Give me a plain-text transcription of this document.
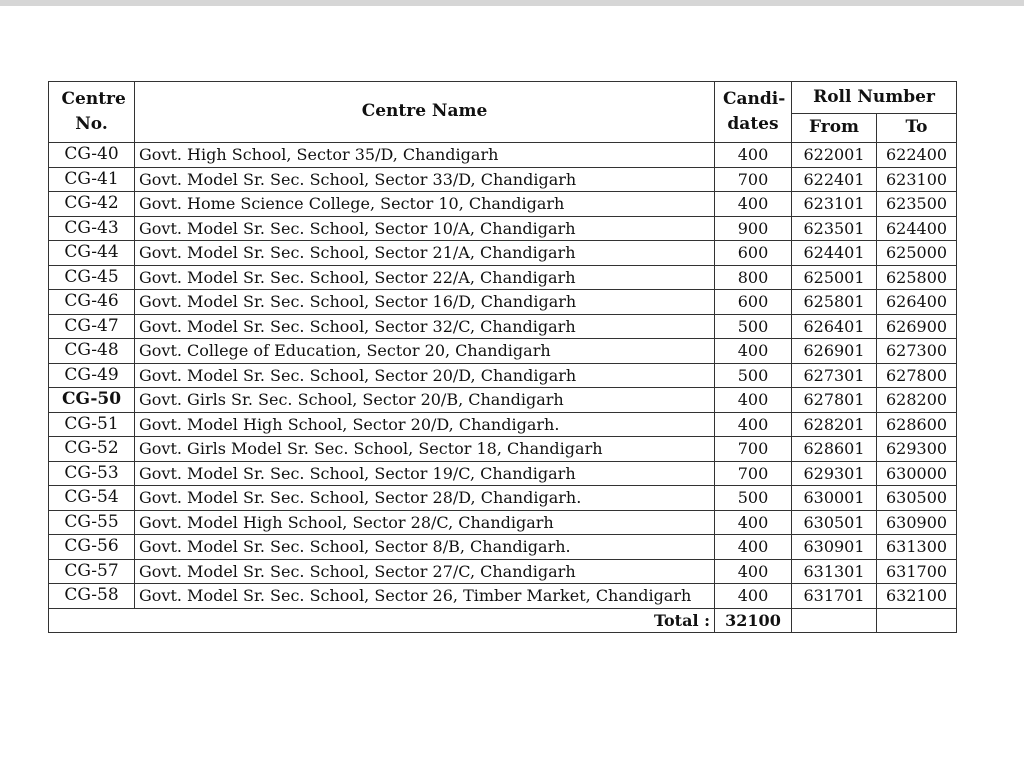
Centre No.	Centre Name	Candi- dates	Roll Number	
			From	To
CG-40	Govt. High School, Sector 35/D, Chandigarh	400	622001	622400
CG-41	Govt. Model Sr. Sec. School, Sector 33/D, Chandigarh	700	622401	623100
CG-42	Govt. Home Science College, Sector 10, Chandigarh	400	623101	623500
CG-43	Govt. Model Sr. Sec. School, Sector 10/A, Chandigarh	900	623501	624400
CG-44	Govt. Model Sr. Sec. School, Sector 21/A, Chandigarh	600	624401	625000
CG-45	Govt. Model Sr. Sec. School, Sector 22/A, Chandigarh	800	625001	625800
CG-46	Govt. Model Sr. Sec. School, Sector 16/D, Chandigarh	600	625801	626400
CG-47	Govt. Model Sr. Sec. School, Sector 32/C, Chandigarh	500	626401	626900
CG-48	Govt. College of Education, Sector 20, Chandigarh	400	626901	627300
CG-49	Govt. Model Sr. Sec. School, Sector 20/D, Chandigarh	500	627301	627800
CG-50	Govt. Girls Sr. Sec. School, Sector 20/B, Chandigarh	400	627801	628200
CG-51	Govt. Model High School, Sector 20/D, Chandigarh.	400	628201	628600
CG-52	Govt. Girls Model Sr. Sec. School, Sector 18, Chandigarh	700	628601	629300
CG-53	Govt. Model Sr. Sec. School, Sector 19/C, Chandigarh	700	629301	630000
CG-54	Govt. Model Sr. Sec. School, Sector 28/D, Chandigarh.	500	630001	630500
CG-55	Govt. Model High School, Sector 28/C, Chandigarh	400	630501	630900
CG-56	Govt. Model Sr. Sec. School, Sector 8/B, Chandigarh.	400	630901	631300
CG-57	Govt. Model Sr. Sec. School, Sector 27/C, Chandigarh	400	631301	631700
CG-58	Govt. Model Sr. Sec. School, Sector 26, Timber Market, Chandigarh	400	631701	632100
Total :		32100		
